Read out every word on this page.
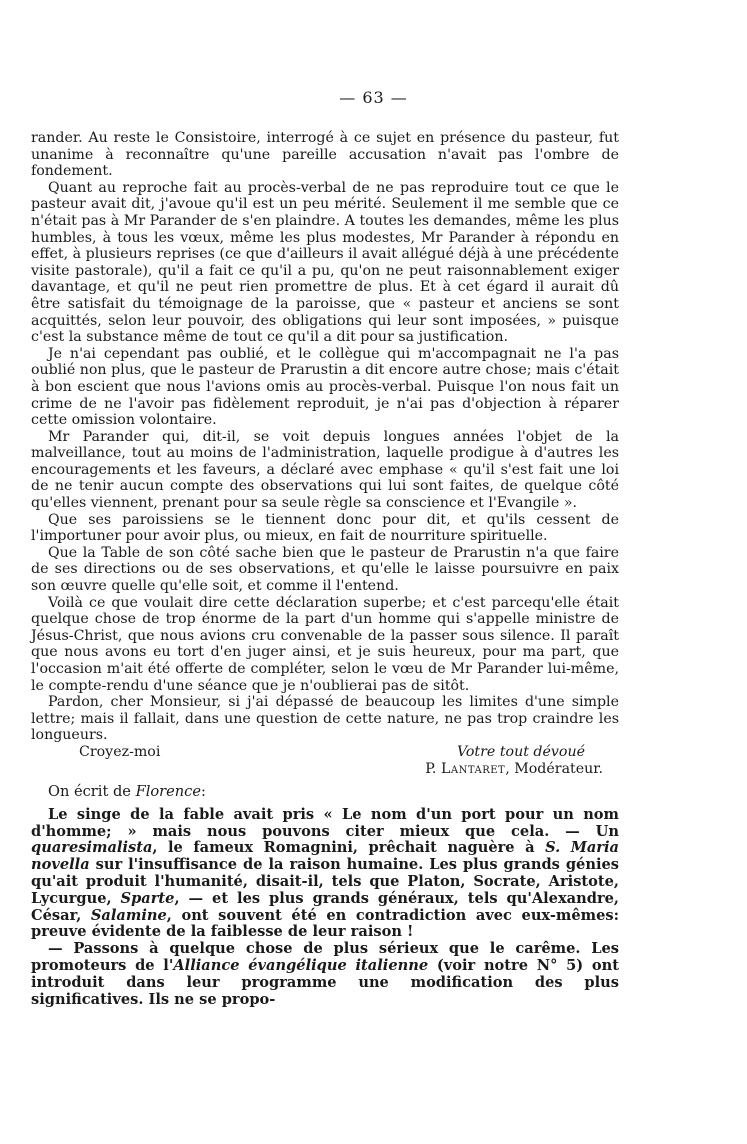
— 63 —

rander. Au reste le Consistoire, interrogé à ce sujet en présence du pasteur, fut unanime à reconnaître qu'une pareille accusation n'avait pas l'ombre de fondement.

Quant au reproche fait au procès-verbal de ne pas reproduire tout ce que le pasteur avait dit, j'avoue qu'il est un peu mérité. Seulement il me semble que ce n'était pas à Mr Parander de s'en plaindre. A toutes les demandes, même les plus humbles, à tous les vœux, même les plus modestes, Mr Parander à répondu en effet, à plusieurs reprises (ce que d'ailleurs il avait allégué déjà à une précédente visite pastorale), qu'il a fait ce qu'il a pu, qu'on ne peut raisonnablement exiger davantage, et qu'il ne peut rien promettre de plus. Et à cet égard il aurait dû être satisfait du témoignage de la paroisse, que « pasteur et anciens se sont acquittés, selon leur pouvoir, des obligations qui leur sont imposées, » puisque c'est la substance même de tout ce qu'il a dit pour sa justification.

Je n'ai cependant pas oublié, et le collègue qui m'accompagnait ne l'a pas oublié non plus, que le pasteur de Prarustin a dit encore autre chose; mais c'était à bon escient que nous l'avions omis au procès-verbal. Puisque l'on nous fait un crime de ne l'avoir pas fidèlement reproduit, je n'ai pas d'objection à réparer cette omission volontaire.

Mr Parander qui, dit-il, se voit depuis longues années l'objet de la malveillance, tout au moins de l'administration, laquelle prodigue à d'autres les encouragements et les faveurs, a déclaré avec emphase « qu'il s'est fait une loi de ne tenir aucun compte des observations qui lui sont faites, de quelque côté qu'elles viennent, prenant pour sa seule règle sa conscience et l'Evangile ».

Que ses paroissiens se le tiennent donc pour dit, et qu'ils cessent de l'importuner pour avoir plus, ou mieux, en fait de nourriture spirituelle.

Que la Table de son côté sache bien que le pasteur de Prarustin n'a que faire de ses directions ou de ses observations, et qu'elle le laisse poursuivre en paix son œuvre quelle qu'elle soit, et comme il l'entend.

Voilà ce que voulait dire cette déclaration superbe; et c'est parcequ'elle était quelque chose de trop énorme de la part d'un homme qui s'appelle ministre de Jésus-Christ, que nous avions cru convenable de la passer sous silence. Il paraît que nous avons eu tort d'en juger ainsi, et je suis heureux, pour ma part, que l'occasion m'ait été offerte de compléter, selon le vœu de Mr Parander lui-même, le compte-rendu d'une séance que je n'oublierai pas de sitôt.

Pardon, cher Monsieur, si j'ai dépassé de beaucoup les limites d'une simple lettre; mais il fallait, dans une question de cette nature, ne pas trop craindre les longueurs.

Croyez-moi	Votre tout dévoué
P. Lantaret, Modérateur.

On écrit de Florence:

Le singe de la fable avait pris « Le nom d'un port pour un nom d'homme; » mais nous pouvons citer mieux que cela. — Un quaresimalista, le fameux Romagnini, prêchait naguère à S. Maria novella sur l'insuffisance de la raison humaine. Les plus grands génies qu'ait produit l'humanité, disait-il, tels que Platon, Socrate, Aristote, Lycurgue, Sparte, — et les plus grands généraux, tels qu'Alexandre, César, Salamine, ont souvent été en contradiction avec eux-mêmes: preuve évidente de la faiblesse de leur raison !

— Passons à quelque chose de plus sérieux que le carême. Les promoteurs de l'Alliance évangélique italienne (voir notre N° 5) ont introduit dans leur programme une modification des plus significatives. Ils ne se propo-
